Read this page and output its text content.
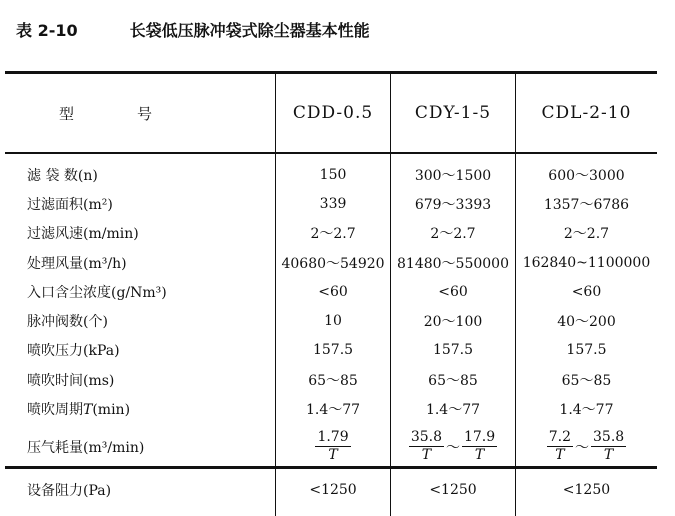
表 2-10	长袋低压脉冲袋式除尘器基本性能
型 号	CDD-0.5	CDY-1-5	CDL-2-10
滤 袋 数(n)	150	300～1500	600～3000
过滤面积(m²)	339	679～3393	1357～6786
过滤风速(m/min)	2～2.7	2～2.7	2～2.7
处理风量(m³/h)	40680～54920	81480～550000	162840~1100000
入口含尘浓度(g/Nm³)	<60	<60	<60
脉冲阀数(个)	10	20～100	40～200
喷吹压力(kPa)	157.5	157.5	157.5
喷吹时间(ms)	65～85	65～85	65～85
喷吹周期T(min)	1.4～77	1.4～77	1.4～77
压气耗量(m³/min)	$\frac{1.79}{T}$	$\frac{35.8}{T}$ ～ $\frac{17.9}{T}$	$\frac{7.2}{T}$ ～ $\frac{35.8}{T}$

设备阻力(Pa)	<1250	<1250	<1250
